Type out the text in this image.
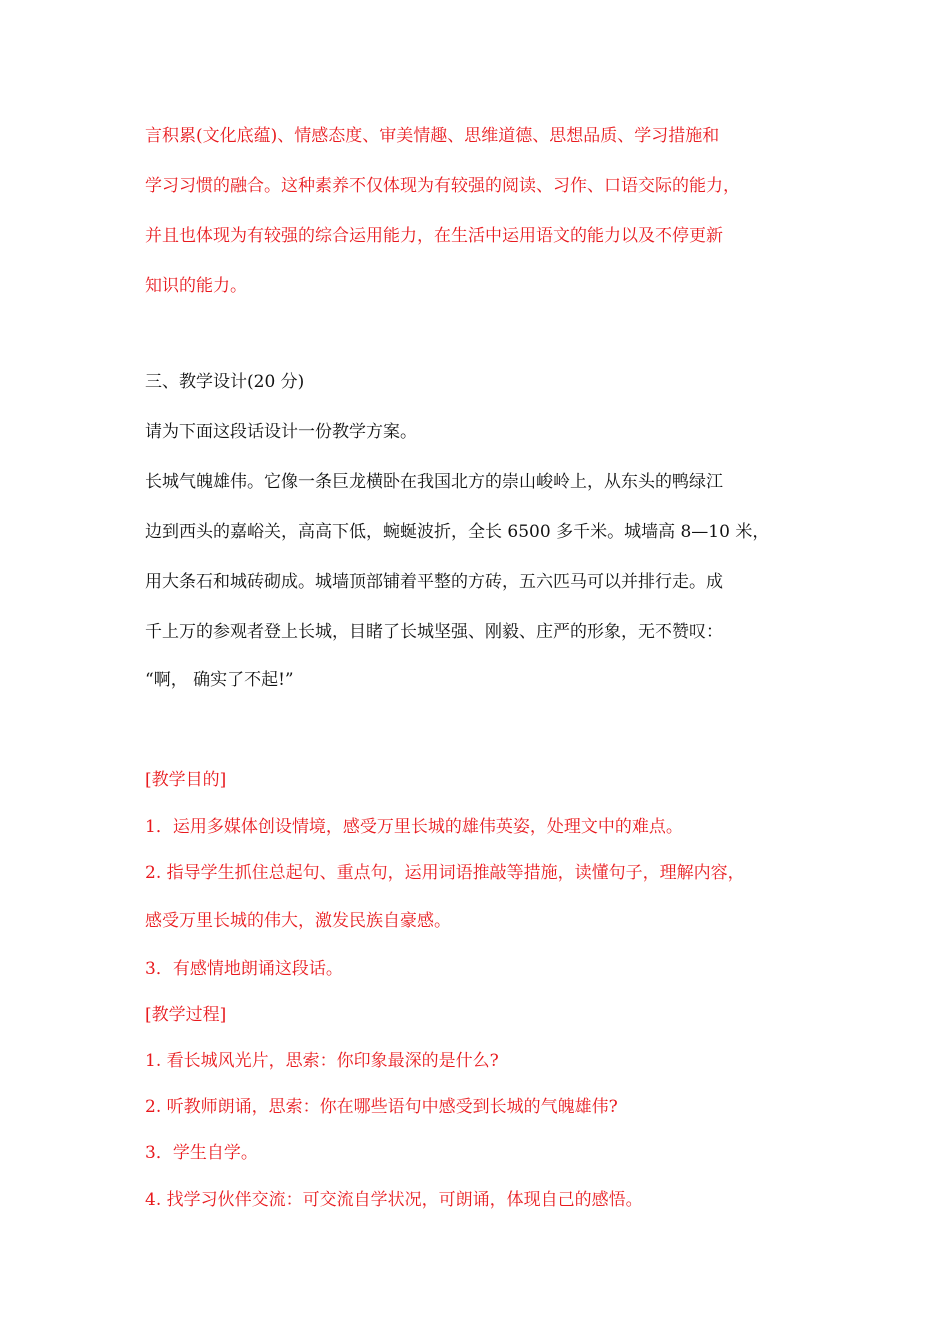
言积累(文化底蕴)、情感态度、审美情趣、思维道德、思想品质、学习措施和
学习习惯的融合。这种素养不仅体现为有较强的阅读、习作、口语交际的能力，
并且也体现为有较强的综合运用能力，在生活中运用语文的能力以及不停更新
知识的能力。
三、教学设计(20 分)
请为下面这段话设计一份教学方案。
长城气魄雄伟。它像一条巨龙横卧在我国北方的崇山峻岭上，从东头的鸭绿江
边到西头的嘉峪关，高高下低，蜿蜒波折，全长 6500 多千米。城墙高 8—10 米，
用大条石和城砖砌成。城墙顶部铺着平整的方砖，五六匹马可以并排行走。成
千上万的参观者登上长城，目睹了长城坚强、刚毅、庄严的形象，无不赞叹：
“啊， 确实了不起!”
[教学目的]
1．运用多媒体创设情境，感受万里长城的雄伟英姿，处理文中的难点。
2. 指导学生抓住总起句、重点句，运用词语推敲等措施，读懂句子，理解内容，
感受万里长城的伟大，激发民族自豪感。
3．有感情地朗诵这段话。
[教学过程]
1. 看长城风光片，思索：你印象最深的是什么?
2. 听教师朗诵，思索：你在哪些语句中感受到长城的气魄雄伟?
3．学生自学。
4. 找学习伙伴交流：可交流自学状况，可朗诵，体现自己的感悟。
